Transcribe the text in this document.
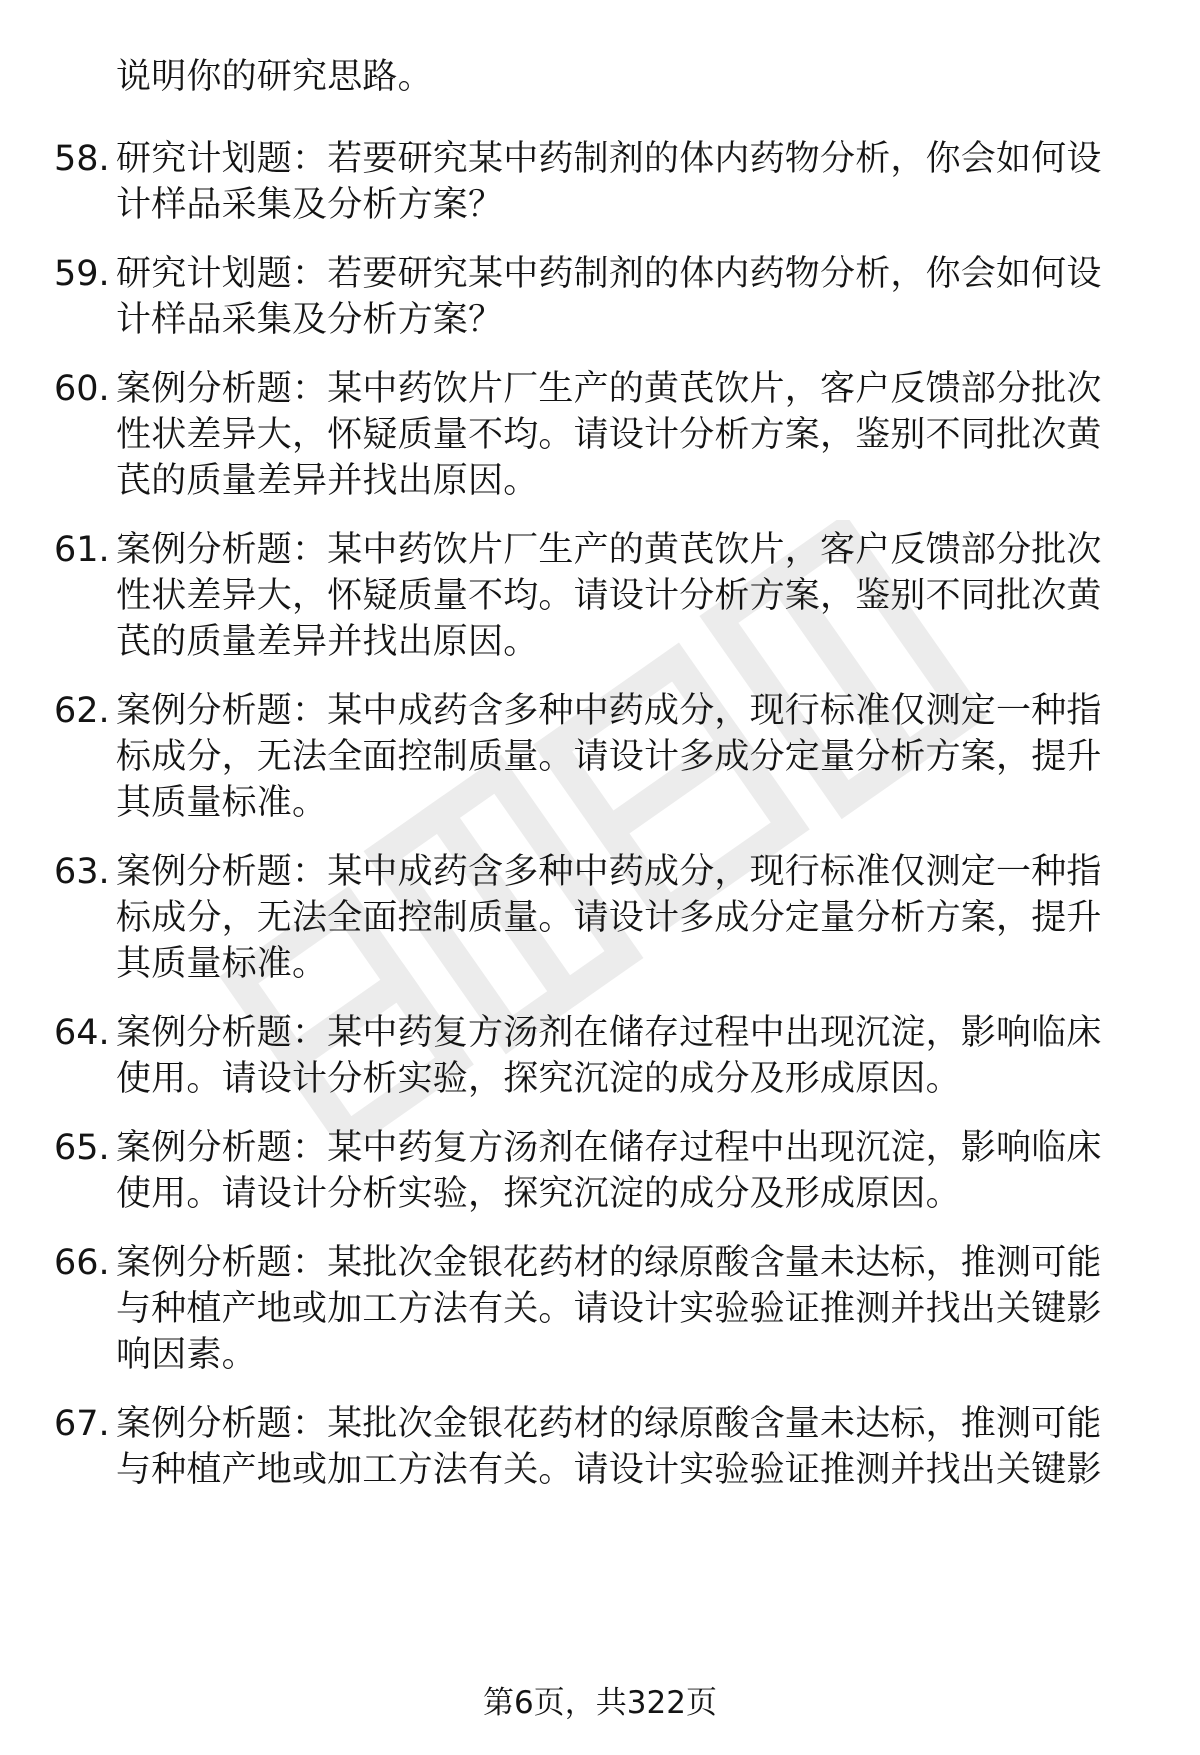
说明你的研究思路。
58. 研究计划题：若要研究某中药制剂的体内药物分析，你会如何设
计样品采集及分析方案？
59. 研究计划题：若要研究某中药制剂的体内药物分析，你会如何设
计样品采集及分析方案？
60. 案例分析题：某中药饮片厂生产的黄芪饮片，客户反馈部分批次
性状差异大，怀疑质量不均。请设计分析方案，鉴别不同批次黄
芪的质量差异并找出原因。
61. 案例分析题：某中药饮片厂生产的黄芪饮片，客户反馈部分批次
性状差异大，怀疑质量不均。请设计分析方案，鉴别不同批次黄
芪的质量差异并找出原因。
62. 案例分析题：某中成药含多种中药成分，现行标准仅测定一种指
标成分，无法全面控制质量。请设计多成分定量分析方案，提升
其质量标准。
63. 案例分析题：某中成药含多种中药成分，现行标准仅测定一种指
标成分，无法全面控制质量。请设计多成分定量分析方案，提升
其质量标准。
64. 案例分析题：某中药复方汤剂在储存过程中出现沉淀，影响临床
使用。请设计分析实验，探究沉淀的成分及形成原因。
65. 案例分析题：某中药复方汤剂在储存过程中出现沉淀，影响临床
使用。请设计分析实验，探究沉淀的成分及形成原因。
66. 案例分析题：某批次金银花药材的绿原酸含量未达标，推测可能
与种植产地或加工方法有关。请设计实验验证推测并找出关键影
响因素。
67. 案例分析题：某批次金银花药材的绿原酸含量未达标，推测可能
与种植产地或加工方法有关。请设计实验验证推测并找出关键影
第6页，共322页
